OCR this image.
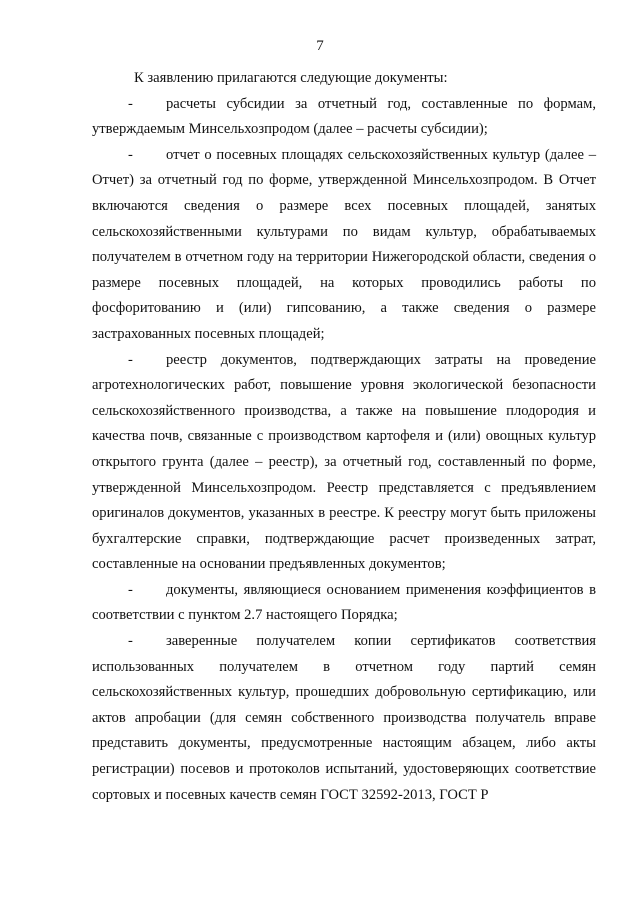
7

К заявлению прилагаются следующие документы:

-	расчеты субсидии за отчетный год, составленные по формам, утверждаемым Минсельхозпродом (далее – расчеты субсидии);

-	отчет о посевных площадях сельскохозяйственных культур (далее – Отчет) за отчетный год по форме, утвержденной Минсельхозпродом. В Отчет включаются сведения о размере всех посевных площадей, занятых сельскохозяйственными культурами по видам культур, обрабатываемых получателем в отчетном году на территории Нижегородской области, сведения о размере посевных площадей, на которых проводились работы по фосфоритованию и (или) гипсованию, а также сведения о размере застрахованных посевных площадей;

-	реестр документов, подтверждающих затраты на проведение агротехнологических работ, повышение уровня экологической безопасности сельскохозяйственного производства, а также на повышение плодородия и качества почв, связанные с производством картофеля и (или) овощных культур открытого грунта (далее – реестр), за отчетный год, составленный по форме, утвержденной Минсельхозпродом. Реестр представляется с предъявлением оригиналов документов, указанных в реестре. К реестру могут быть приложены бухгалтерские справки, подтверждающие расчет произведенных затрат, составленные на основании предъявленных документов;

-	документы, являющиеся основанием применения коэффициентов в соответствии с пунктом 2.7 настоящего Порядка;

-	заверенные получателем копии сертификатов соответствия использованных получателем в отчетном году партий семян сельскохозяйственных культур, прошедших добровольную сертификацию, или актов апробации (для семян собственного производства получатель вправе представить документы, предусмотренные настоящим абзацем, либо акты регистрации) посевов и протоколов испытаний, удостоверяющих соответствие сортовых и посевных качеств семян ГОСТ 32592-2013, ГОСТ Р
